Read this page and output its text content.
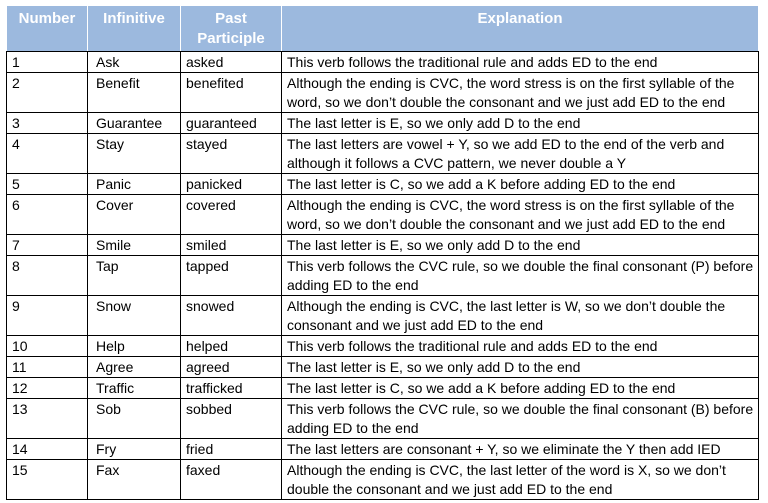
Number	Infinitive	Past Participle	Explanation
1	Ask	asked	This verb follows the traditional rule and adds ED to the end
2	Benefit	benefited	Although the ending is CVC, the word stress is on the first syllable of the word, so we don’t double the consonant and we just add ED to the end
3	Guarantee	guaranteed	The last letter is E, so we only add D to the end
4	Stay	stayed	The last letters are vowel + Y, so we add ED to the end of the verb and although it follows a CVC pattern, we never double a Y
5	Panic	panicked	The last letter is C, so we add a K before adding ED to the end
6	Cover	covered	Although the ending is CVC, the word stress is on the first syllable of the word, so we don’t double the consonant and we just add ED to the end
7	Smile	smiled	The last letter is E, so we only add D to the end
8	Tap	tapped	This verb follows the CVC rule, so we double the final consonant (P) before adding ED to the end
9	Snow	snowed	Although the ending is CVC, the last letter is W, so we don’t double the consonant and we just add ED to the end
10	Help	helped	This verb follows the traditional rule and adds ED to the end
11	Agree	agreed	The last letter is E, so we only add D to the end
12	Traffic	trafficked	The last letter is C, so we add a K before adding ED to the end
13	Sob	sobbed	This verb follows the CVC rule, so we double the final consonant (B) before adding ED to the end
14	Fry	fried	The last letters are consonant + Y, so we eliminate the Y then add IED
15	Fax	faxed	Although the ending is CVC, the last letter of the word is X, so we don’t double the consonant and we just add ED to the end
